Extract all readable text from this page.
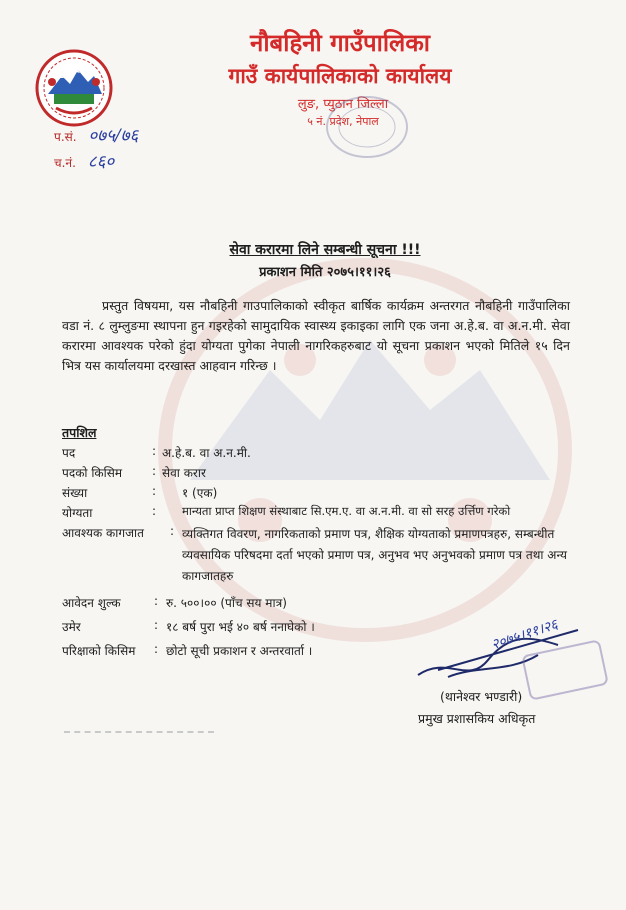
नौबहिनी गाउँपालिका
गाउँ कार्यपालिकाको कार्यालय
लुङ, प्युठान जिल्ला
५ नं. प्रदेश, नेपाल
प.सं. ०७५/७६
च.नं. ८६०
सेवा करारमा लिने सम्बन्धी सूचना !!!
प्रकाशन मिति २०७५।११।२६

प्रस्तुत विषयमा, यस नौबहिनी गाउपालिकाको स्वीकृत बार्षिक कार्यक्रम अन्तरगत नौबहिनी गाउँपालिका वडा नं. ८ लुम्लुङमा स्थापना हुन गइरहेको सामुदायिक स्वास्थ्य इकाइका लागि एक जना अ.हे.ब. वा अ.न.मी. सेवा करारमा आवश्यक परेको हुंदा योग्यता पुगेका नेपाली नागरिकहरुबाट यो सूचना प्रकाशन भएको मितिले १५ दिन भित्र यस कार्यालयमा दरखास्त आहवान गरिन्छ ।

तपशिल
पद	: अ.हे.ब. वा अ.न.मी.
पदको किसिम : सेवा करार
संख्या	: १ (एक)
योग्यता	: मान्यता प्राप्त शिक्षण संस्थाबाट सि.एम.ए. वा अ.न.मी. वा सो सरह उर्त्तिण गरेको
आवश्यक कागजात : व्यक्तिगत विवरण, नागरिकताको प्रमाण पत्र, शैक्षिक योग्यताको प्रमाणपत्रहरु, सम्बन्धीत व्यवसायिक परिषदमा दर्ता भएको प्रमाण पत्र, अनुभव भए अनुभवको प्रमाण पत्र तथा अन्य कागजातहरु
आवेदन शुल्क	: रु. ५००।०० (पाँच सय मात्र)
उमेर	: १८ बर्ष पुरा भई ४० बर्ष ननाघेको ।
परिक्षाको किसिम : छोटो सूची प्रकाशन र अन्तरवार्ता ।	२०७५।११।२६
(थानेश्वर भण्डारी)
प्रमुख प्रशासकिय अधिकृत
